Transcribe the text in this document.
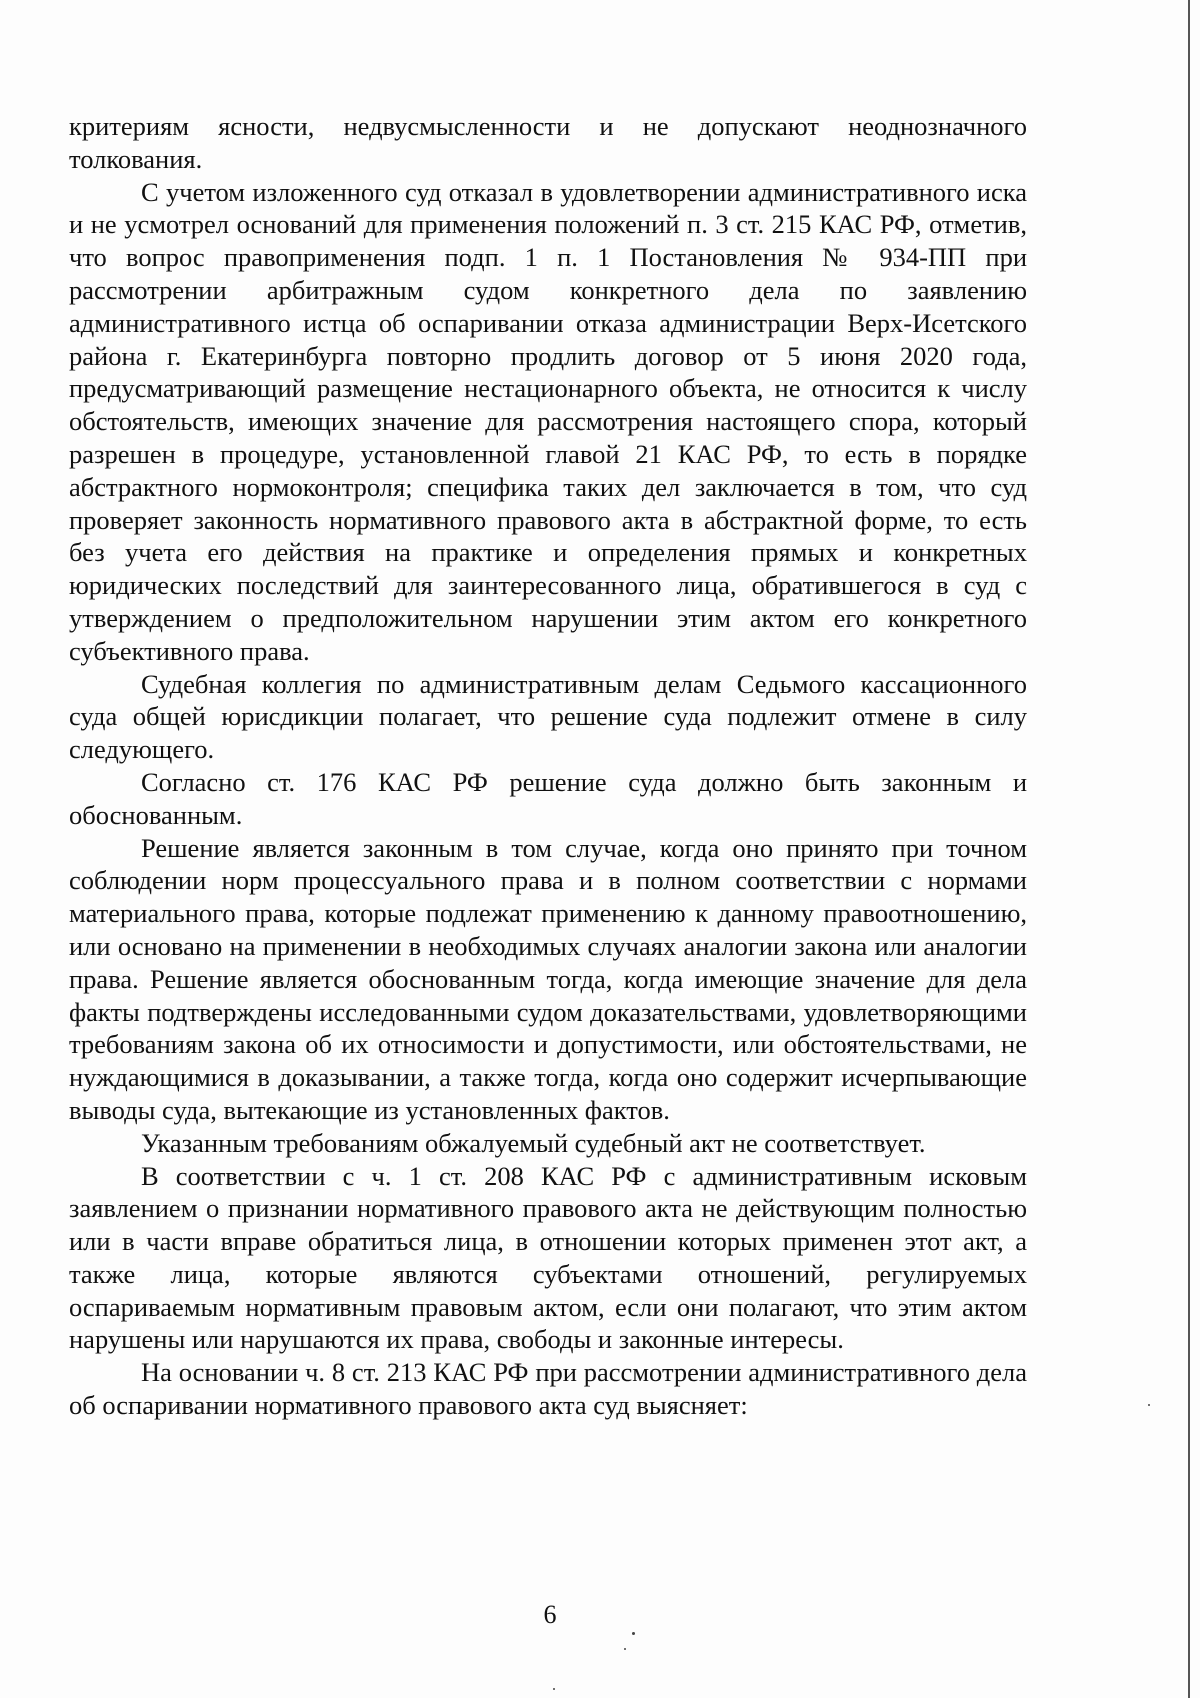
критериям ясности, недвусмысленности и не допускают неоднозначного толкования.

С учетом изложенного суд отказал в удовлетворении административного иска и не усмотрел оснований для применения положений п. 3 ст. 215 КАС РФ, отметив, что вопрос правоприменения подп. 1 п. 1 Постановления № 934-ПП при рассмотрении арбитражным судом конкретного дела по заявлению административного истца об оспаривании отказа администрации Верх-Исетского района г. Екатеринбурга повторно продлить договор от 5 июня 2020 года, предусматривающий размещение нестационарного объекта, не относится к числу обстоятельств, имеющих значение для рассмотрения настоящего спора, который разрешен в процедуре, установленной главой 21 КАС РФ, то есть в порядке абстрактного нормоконтроля; специфика таких дел заключается в том, что суд проверяет законность нормативного правового акта в абстрактной форме, то есть без учета его действия на практике и определения прямых и конкретных юридических последствий для заинтересованного лица, обратившегося в суд с утверждением о предположительном нарушении этим актом его конкретного субъективного права.

Судебная коллегия по административным делам Седьмого кассационного суда общей юрисдикции полагает, что решение суда подлежит отмене в силу следующего.

Согласно ст. 176 КАС РФ решение суда должно быть законным и обоснованным.

Решение является законным в том случае, когда оно принято при точном соблюдении норм процессуального права и в полном соответствии с нормами материального права, которые подлежат применению к данному правоотношению, или основано на применении в необходимых случаях аналогии закона или аналогии права. Решение является обоснованным тогда, когда имеющие значение для дела факты подтверждены исследованными судом доказательствами, удовлетворяющими требованиям закона об их относимости и допустимости, или обстоятельствами, не нуждающимися в доказывании, а также тогда, когда оно содержит исчерпывающие выводы суда, вытекающие из установленных фактов.

Указанным требованиям обжалуемый судебный акт не соответствует.

В соответствии с ч. 1 ст. 208 КАС РФ с административным исковым заявлением о признании нормативного правового акта не действующим полностью или в части вправе обратиться лица, в отношении которых применен этот акт, а также лица, которые являются субъектами отношений, регулируемых оспариваемым нормативным правовым актом, если они полагают, что этим актом нарушены или нарушаются их права, свободы и законные интересы.

На основании ч. 8 ст. 213 КАС РФ при рассмотрении административного дела об оспаривании нормативного правового акта суд выясняет:

6
